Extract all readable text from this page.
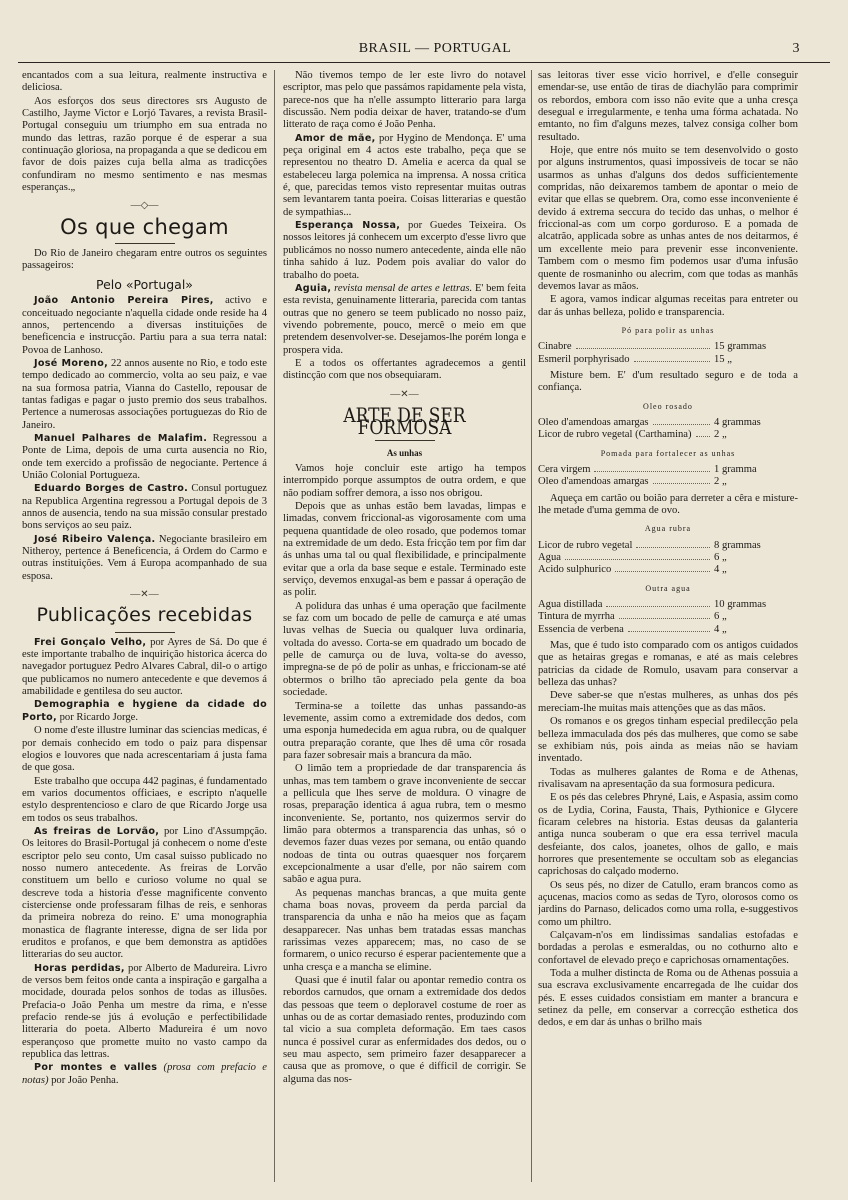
BRASIL — PORTUGAL	3

encantados com a sua leitura, realmente instructiva e deliciosa.

Aos esforços dos seus directores srs Augusto de Castilho, Jayme Victor e Lorjó Tavares, a revista Brasil-Portugal conseguiu um triumpho em sua entrada no mundo das lettras, razão porque é de esperar a sua continuação gloriosa, na propaganda a que se dedicou em favor de dois paizes cuja bella alma as tradicções confundiram no mesmo sentimento e nas mesmas esperanças.„

—◇—
Os que chegam

Do Rio de Janeiro chegaram entre outros os seguintes passageiros:

Pelo «Portugal»

João Antonio Pereira Pires, activo e conceituado negociante n'aquella cidade onde reside ha 4 annos, pertencendo a diversas instituições de beneficencia e instrucção. Partiu para a sua terra natal: Povoa de Lanhoso.

José Moreno, 22 annos ausente no Rio, e todo este tempo dedicado ao commercio, volta ao seu paiz, e vae na sua formosa patria, Vianna do Castello, repousar de tantas fadigas e pagar o justo premio dos seus trabalhos. Pertence a numerosas associações portuguezas do Rio de Janeiro.

Manuel Palhares de Malafim. Regressou a Ponte de Lima, depois de uma curta ausencia no Rio, onde tem exercido a profissão de negociante. Pertence á União Colonial Portugueza.

Eduardo Borges de Castro. Consul portuguez na Republica Argentina regressou a Portugal depois de 3 annos de ausencia, tendo na sua missão consular prestado bons serviços ao seu paiz.

José Ribeiro Valença. Negociante brasileiro em Nitheroy, pertence á Beneficencia, á Ordem do Carmo e outras instituições. Vem á Europa acompanhado de sua esposa.

—✕—
Publicações recebidas

Frei Gonçalo Velho, por Ayres de Sá. Do que é este importante trabalho de inquirição historica ácerca do navegador portuguez Pedro Alvares Cabral, dil-o o artigo que publicamos no numero antecedente e que devemos á amabilidade e gentilesa do seu auctor.

Demographia e hygiene da cidade do Porto, por Ricardo Jorge.

O nome d'este illustre luminar das sciencias medicas, é por demais conhecido em todo o paiz para dispensar elogios e louvores que nada acrescentariam á justa fama de que gosa.

Este trabalho que occupa 442 paginas, é fundamentado em varios documentos officiaes, e escripto n'aquelle estylo desprentencioso e claro de que Ricardo Jorge usa em todos os seus trabalhos.

As freiras de Lorvão, por Lino d'Assumpção. Os leitores do Brasil-Portugal já conhecem o nome d'este escriptor pelo seu conto, Um casal suisso publicado no nosso numero antecedente. As freiras de Lorvão constituem um bello e curioso volume no qual se descreve toda a historia d'esse magnificente convento cisterciense onde professaram filhas de reis, e senhoras da primeira nobreza do reino. E' uma monographia monastica de flagrante interesse, digna de ser lida por eruditos e profanos, e que bem demonstra as aptidões litterarias do seu auctor.

Horas perdidas, por Alberto de Madureira. Livro de versos bem feitos onde canta a inspiração e gargalha a mocidade, dourada pelos sonhos de todas as illusões. Prefacia-o João Penha um mestre da rima, e n'esse prefacio rende-se jús á evolução e perfectibilidade litteraria do poeta. Alberto Madureira é um novo esperançoso que promette muito no vasto campo da republica das lettras.

Por montes e valles (prosa com prefacio e notas) por João Penha.

Não tivemos tempo de ler este livro do notavel escriptor, mas pelo que passámos rapidamente pela vista, parece-nos que ha n'elle assumpto litterario para larga discussão. Nem podia deixar de haver, tratando-se d'um litterato de raça como é João Penha.

Amor de mãe, por Hygino de Mendonça. E' uma peça original em 4 actos este trabalho, peça que se representou no theatro D. Amelia e acerca da qual se estabeleceu larga polemica na imprensa. A nossa critica é, que, parecidas temos visto representar muitas outras sem levantarem tanta poeira. Coisas litterarias e questão de sympathias...

Esperança Nossa, por Guedes Teixeira. Os nossos leitores já conhecem um excerpto d'esse livro que publicámos no nosso numero antecedente, ainda elle não tinha sahido á luz. Podem pois avaliar do valor do trabalho do poeta.

Aguia, revista mensal de artes e lettras. E' bem feita esta revista, genuinamente litteraria, parecida com tantas outras que no genero se teem publicado no nosso paiz, vivendo pobremente, pouco, mercê o meio em que pretendem desenvolver-se. Desejamos-lhe porém longa e prospera vida.

E a todos os offertantes agradecemos a gentil distincção com que nos obsequiaram.

—✕—
ARTE DE SER FORMOSA
As unhas

Vamos hoje concluir este artigo ha tempos interrompido porque assumptos de outra ordem, e que não podiam soffrer demora, a isso nos obrigou.

Depois que as unhas estão bem lavadas, limpas e limadas, convem friccional-as vigorosamente com uma pequena quantidade de oleo rosado, que podemos tomar na extremidade de um dedo. Esta fricção tem por fim dar ás unhas uma tal ou qual flexibilidade, e principalmente evitar que a orla da base seque e estale. Terminado este serviço, devemos enxugal-as bem e passar á operação de as polir.

A polidura das unhas é uma operação que facilmente se faz com um bocado de pelle de camurça e até umas luvas velhas de Suecia ou qualquer luva ordinaria, voltada do avesso. Corta-se em quadrado um bocado de pelle de camurça ou de luva, volta-se do avesso, impregna-se de pó de polir as unhas, e friccionam-se até obtermos o brilho tão apreciado pela gente da boa sociedade.

Termina-se a toilette das unhas passando-as levemente, assim como a extremidade dos dedos, com uma esponja humedecida em agua rubra, ou de qualquer outra preparação corante, que lhes dê uma côr rosada para fazer sobresair mais a brancura da mão.

O limão tem a propriedade de dar transparencia ás unhas, mas tem tambem o grave inconveniente de seccar a pellicula que lhes serve de moldura. O vinagre de rosas, preparação identica á agua rubra, tem o mesmo inconveniente. Se, portanto, nos quizermos servir do limão para obtermos a transparencia das unhas, só o devemos fazer duas vezes por semana, ou então quando nodoas de tinta ou outras quaesquer nos forçarem excepcionalmente a usar d'elle, por não sairem com sabão e agua pura.

As pequenas manchas brancas, a que muita gente chama boas novas, proveem da perda parcial da transparencia da unha e não ha meios que as façam desapparecer. Nas unhas bem tratadas essas manchas rarissimas vezes apparecem; mas, no caso de se formarem, o unico recurso é esperar pacientemente que a unha cresça e a mancha se elimine.

Quasi que é inutil falar ou apontar remedio contra os rebordos carnudos, que ornam a extremidade dos dedos das pessoas que teem o deploravel costume de roer as unhas ou de as cortar demasiado rentes, produzindo com tal vicio a sua completa deformação. Em taes casos nunca é possivel curar as enfermidades dos dedos, ou o seu mau aspecto, sem primeiro fazer desapparecer a causa que as promove, o que é difficil de corrigir. Se alguma das nos-

sas leitoras tiver esse vicio horrivel, e d'elle conseguir emendar-se, use então de tiras de diachylão para comprimir os rebordos, embora com isso não evite que a unha cresça desegual e irregularmente, e tenha uma fórma achatada. No emtanto, no fim d'alguns mezes, talvez consiga colher bom resultado.

Hoje, que entre nós muito se tem desenvolvido o gosto por alguns instrumentos, quasi impossiveis de tocar se não usarmos as unhas d'alguns dos dedos sufficientemente compridas, não deixaremos tambem de apontar o meio de evitar que ellas se quebrem. Ora, como esse inconveniente é devido á extrema seccura do tecido das unhas, o melhor é friccional-as com um corpo gorduroso. E a pomada de alcatrão, applicada sobre as unhas antes de nos deitarmos, é um excellente meio para prevenir esse inconveniente. Tambem com o mesmo fim podemos usar d'uma infusão quente de rosmaninho ou alecrim, com que todas as manhãs devemos lavar as mãos.

E agora, vamos indicar algumas receitas para entreter ou dar ás unhas belleza, polido e transparencia.

Pó para polir as unhas
Cinabre	15 grammas
Esmeril porphyrisado	15 „

Misture bem. E' d'um resultado seguro e de toda a confiança.

Oleo rosado
Oleo d'amendoas amargas	4 grammas
Licor de rubro vegetal (Carthamina) 2 „
Pomada para fortalecer as unhas
Cera virgem	1 gramma
Oleo d'amendoas amargas	2 „

Aqueça em cartão ou boião para derreter a cêra e misture-lhe metade d'uma gemma de ovo.

Agua rubra
Licor de rubro vegetal	8 grammas
Agua	6 „
Acido sulphurico	4 „
Outra agua
Agua distillada	10 grammas
Tintura de myrrha	6 „
Essencia de verbena	4 „

Mas, que é tudo isto comparado com os antigos cuidados que as hetairas gregas e romanas, e até as mais celebres patricias da cidade de Romulo, usavam para conservar a belleza das unhas?

Deve saber-se que n'estas mulheres, as unhas dos pés mereciam-lhe muitas mais attenções que as das mãos.

Os romanos e os gregos tinham especial predilecção pela belleza immaculada dos pés das mulheres, que como se sabe se exhibiam nús, pois ainda as meias não se haviam inventado.

Todas as mulheres galantes de Roma e de Athenas, rivalisavam na apresentação da sua formosura pedicura.

E os pés das celebres Phryné, Lais, e Aspasia, assim como os de Lydia, Corina, Fausta, Thais, Pythionice e Glycere ficaram celebres na historia. Estas deusas da galanteria antiga nunca souberam o que era essa terrivel macula desfeiante, dos calos, joanetes, olhos de gallo, e mais horrores que presentemente se occultam sob as elegancias caprichosas do calçado moderno.

Os seus pés, no dizer de Catullo, eram brancos como as açucenas, macios como as sedas de Tyro, olorosos como os jardins do Parnaso, delicados como uma rolla, e-suggestivos como um philtro.

Calçavam-n'os em lindissimas sandalias estofadas e bordadas a perolas e esmeraldas, ou no cothurno alto e confortavel de elevado preço e caprichosas ornamentações.

Toda a mulher distincta de Roma ou de Athenas possuia a sua escrava exclusivamente encarregada de lhe cuidar dos pés. E esses cuidados consistiam em manter a brancura e setinez da pelle, em conservar a correcção esthetica dos dedos, e em dar ás unhas o brilho mais
